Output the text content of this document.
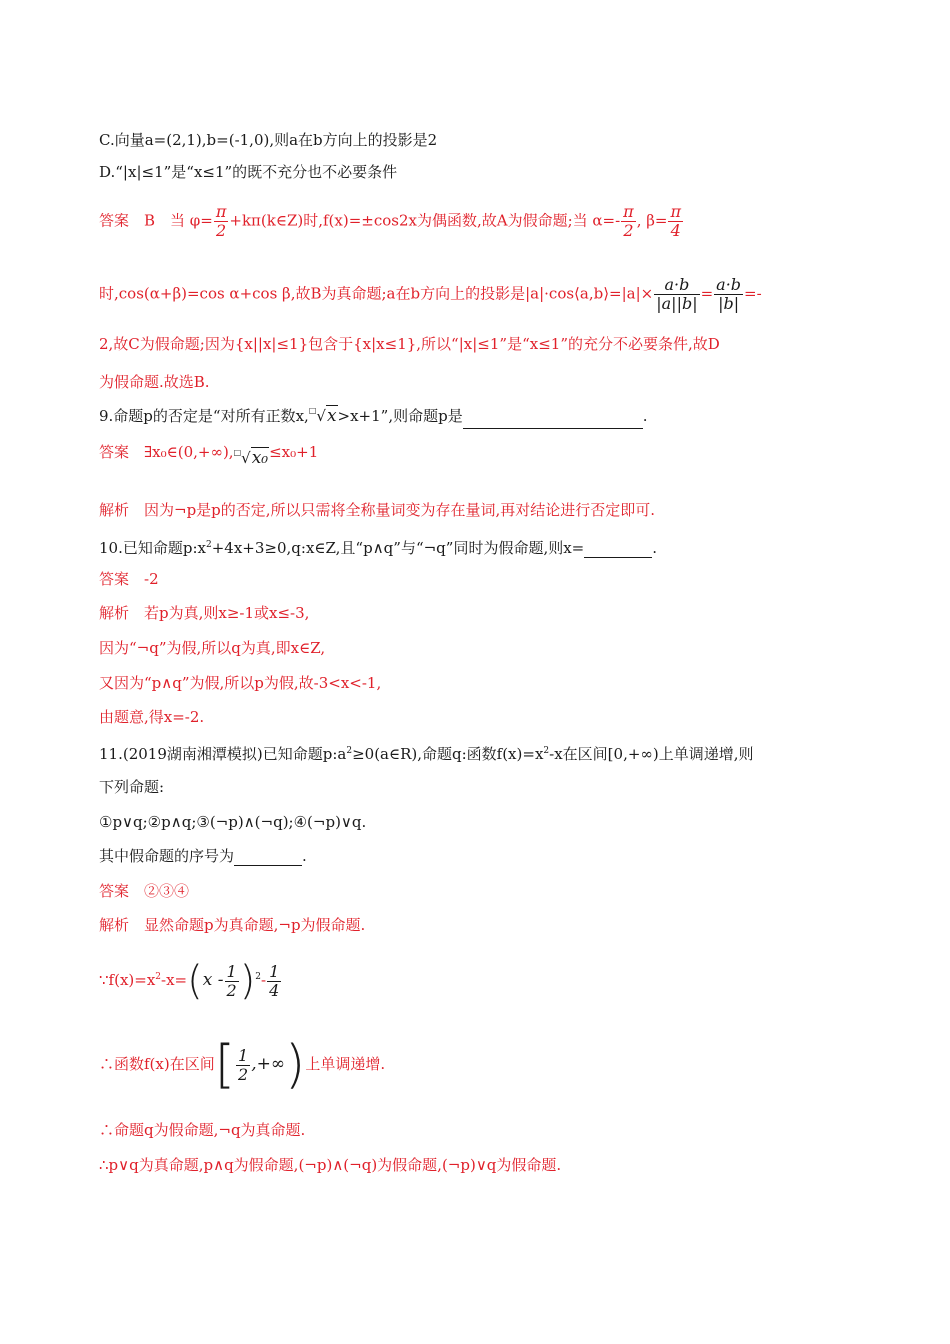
C.向量a=(2,1),b=(-1,0),则a在b方向上的投影是2
D.“|x|≤1”是“x≤1”的既不充分也不必要条件
答案　B　当 $\varphi= \frac{\pi}{2}$ +kπ(k∈Z)时,f(x)=±cos2x为偶函数,故A为假命题;当 $\alpha=- \frac{\pi}{2}$ , $\beta= \frac{\pi}{4}$
时,cos(α+β)=cos α+cos β,故B为真命题;a在b方向上的投影是|a|·cos⟨a,b⟩=|a|× $\frac{a\cdot b}{|a||b|} = \frac{a\cdot b}{|b|}$ =-
2,故C为假命题;因为{x||x|≤1}包含于{x|x≤1},所以“|x|≤1”是“x≤1”的充分不必要条件,故D
为假命题.故选B.
9.命题p的否定是“对所有正数x,□√x>x+1”,则命题p是	.
答案　∃x₀∈(0,+∞),□√x₀≤x₀+1
解析　因为¬p是p的否定,所以只需将全称量词变为存在量词,再对结论进行否定即可.
10.已知命题$p:x^2+4x+3\ge 0,q:x\in Z$,且“p∧q”与“¬q”同时为假命题,则x=	.
答案　-2
解析　若p为真,则x≥-1或x≤-3,
因为“¬q”为假,所以q为真,即x∈Z,
又因为“p∧q”为假,所以p为假,故-3<x<-1,
由题意,得x=-2.
11.(2019湖南湘潭模拟)已知命题$p:a^2\ge 0(a\in R)$,命题q:函数$f(x)=x^2-x$在区间[0,+∞)上单调递增,则
下列命题:
①p∨q;②p∧q;③(¬p)∧(¬q);④(¬p)∨q.
其中假命题的序号为	.
答案　②③④
解析　显然命题p为真命题,¬p为假命题.
$\because f(x)=x^2-x=(x - \frac{1}{2} )^2- \frac{1}{4}$
∴函数f(x)在区间[ $\frac{1}{2}$ ,+∞)上单调递增.
∴命题q为假命题,¬q为真命题.
∴p∨q为真命题,p∧q为假命题,(¬p)∧(¬q)为假命题,(¬p)∨q为假命题.
